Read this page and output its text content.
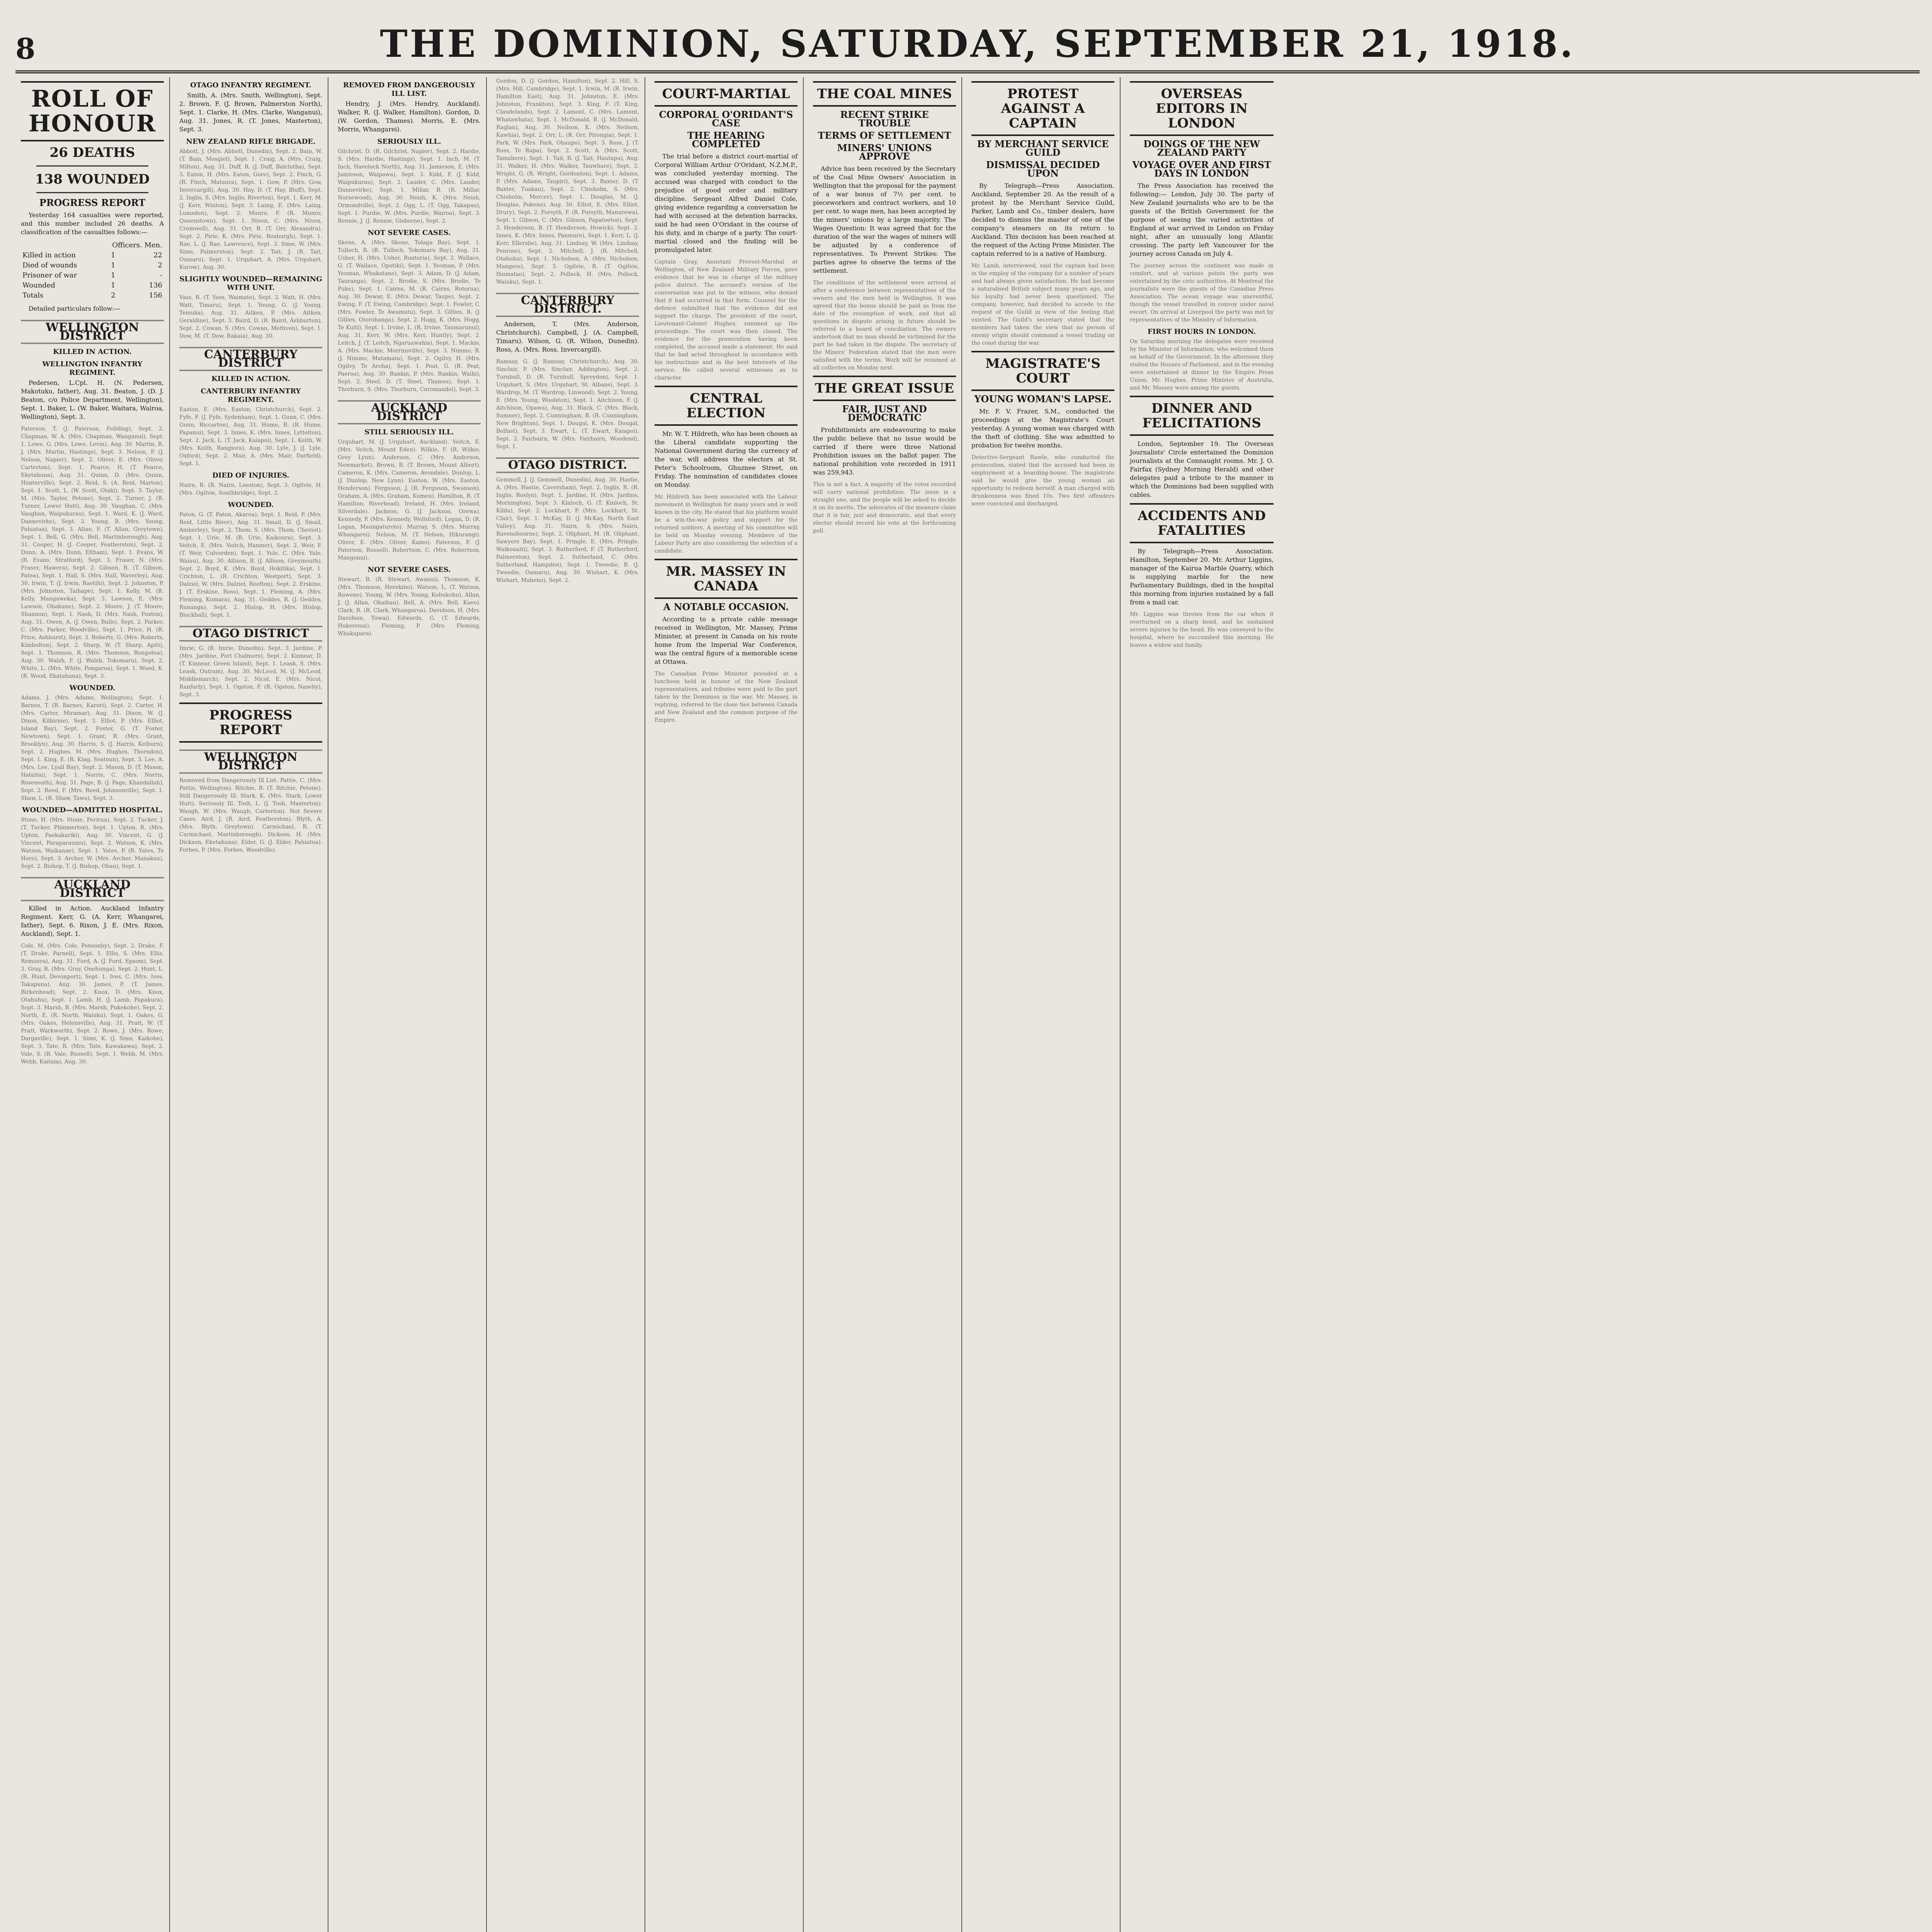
8	THE DOMINION, SATURDAY, SEPTEMBER 21, 1918.
ROLL OF HONOUR
26 DEATHS
138 WOUNDED
PROGRESS REPORT

Yesterday 164 casualties were reported, and this number included 26 deaths. A classification of the casualties follows:—

	Officers. Men.	
Killed in action	1	22
Died of wounds	1	2
Prisoner of war	1	-
Wounded	1	136
Totals	2	156

Detailed particulars follow:—

WELLINGTON DISTRICT
KILLED IN ACTION.
WELLINGTON INFANTRY REGIMENT.

Pedersen, L.Cpl. H. (N. Pedersen, Makotuku, father), Aug. 31. Beaton, J. (D. J. Beaton, c/o Police Department, Wellington), Sept. 1. Baker, L. (W. Baker, Waitara, Wairoa, Wellington), Sept. 3.

Paterson, T. (J. Paterson, Feilding), Sept. 2. Chapman, W. A. (Mrs. Chapman, Wanganui), Sept. 1. Lowe, G. (Mrs. Lowe, Levin), Aug. 30. Martin, R. J. (Mrs. Martin, Hastings), Sept. 3. Nelson, P. (J. Nelson, Napier), Sept. 2. Oliver, E. (Mrs. Oliver, Carterton), Sept. 1. Pearce, H. (T. Pearce, Eketahuna), Aug. 31. Quinn, D. (Mrs. Quinn, Hunterville), Sept. 2. Reid, S. (A. Reid, Marton), Sept. 1. Scott, L. (W. Scott, Otaki), Sept. 3. Taylor, M. (Mrs. Taylor, Petone), Sept. 2. Turner, J. (R. Turner, Lower Hutt), Aug. 30. Vaughan, C. (Mrs. Vaughan, Waipukurau), Sept. 1. Ward, K. (J. Ward, Dannevirke), Sept. 2. Young, B. (Mrs. Young, Pahiatua), Sept. 3. Allan, F. (T. Allan, Greytown), Sept. 1. Bell, G. (Mrs. Bell, Martinborough), Aug. 31. Cooper, H. (J. Cooper, Featherston), Sept. 2. Dunn, A. (Mrs. Dunn, Eltham), Sept. 1. Evans, W. (R. Evans, Stratford), Sept. 3. Fraser, N. (Mrs. Fraser, Hawera), Sept. 2. Gibson, R. (T. Gibson, Patea), Sept. 1. Hall, S. (Mrs. Hall, Waverley), Aug. 30. Irwin, T. (J. Irwin, Raetihi), Sept. 2. Johnston, P. (Mrs. Johnston, Taihape), Sept. 1. Kelly, M. (R. Kelly, Mangaweka), Sept. 3. Lawson, E. (Mrs. Lawson, Ohakune), Sept. 2. Moore, J. (T. Moore, Shannon), Sept. 1. Nash, D. (Mrs. Nash, Foxton), Aug. 31. Owen, A. (J. Owen, Bulls), Sept. 2. Parker, C. (Mrs. Parker, Woodville), Sept. 1. Price, H. (R. Price, Ashhurst), Sept. 3. Roberts, G. (Mrs. Roberts, Kimbolton), Sept. 2. Sharp, W. (T. Sharp, Apiti), Sept. 1. Thomson, R. (Mrs. Thomson, Rongotea), Aug. 30. Walsh, F. (J. Walsh, Tokomaru), Sept. 2. White, L. (Mrs. White, Pongaroa), Sept. 1. Wood, K. (R. Wood, Ekatahuna), Sept. 3.
WOUNDED.
Adams, J. (Mrs. Adams, Wellington), Sept. 1. Barnes, T. (R. Barnes, Karori), Sept. 2. Carter, H. (Mrs. Carter, Miramar), Aug. 31. Dixon, W. (J. Dixon, Kilbirnie), Sept. 3. Elliot, P. (Mrs. Elliot, Island Bay), Sept. 2. Foster, G. (T. Foster, Newtown), Sept. 1. Grant, R. (Mrs. Grant, Brooklyn), Aug. 30. Harris, S. (J. Harris, Kelburn), Sept. 2. Hughes, M. (Mrs. Hughes, Thorndon), Sept. 1. King, E. (R. King, Seatoun), Sept. 3. Lee, A. (Mrs. Lee, Lyall Bay), Sept. 2. Mason, D. (T. Mason, Hataitai), Sept. 1. Norris, C. (Mrs. Norris, Roseneath), Aug. 31. Page, B. (J. Page, Khandallah), Sept. 2. Reed, F. (Mrs. Reed, Johnsonville), Sept. 1. Shaw, L. (R. Shaw, Tawa), Sept. 3.
WOUNDED—ADMITTED HOSPITAL.
Stone, H. (Mrs. Stone, Porirua), Sept. 2. Tucker, J. (T. Tucker, Plimmerton), Sept. 1. Upton, R. (Mrs. Upton, Paekakariki), Aug. 30. Vincent, G. (J. Vincent, Paraparaumu), Sept. 2. Watson, K. (Mrs. Watson, Waikanae), Sept. 1. Yates, P. (R. Yates, Te Horo), Sept. 3. Archer, W. (Mrs. Archer, Manakau), Sept. 2. Bishop, T. (J. Bishop, Ohau), Sept. 1.
AUCKLAND DISTRICT

Killed in Action. Auckland Infantry Regiment. Kerr, G. (A. Kerr, Whangarei, father), Sept. 6. Rixon, J. E. (Mrs. Rixon, Auckland), Sept. 1.

Cole, M. (Mrs. Cole, Ponsonby), Sept. 2. Drake, F. (T. Drake, Parnell), Sept. 1. Ellis, S. (Mrs. Ellis, Remuera), Aug. 31. Ford, A. (J. Ford, Epsom), Sept. 3. Gray, R. (Mrs. Gray, Onehunga), Sept. 2. Hunt, L. (R. Hunt, Devonport), Sept. 1. Ives, C. (Mrs. Ives, Takapuna), Aug. 30. James, P. (T. James, Birkenhead), Sept. 2. Knox, D. (Mrs. Knox, Otahuhu), Sept. 1. Lamb, H. (J. Lamb, Papakura), Sept. 3. Marsh, B. (Mrs. Marsh, Pukekohe), Sept. 2. North, E. (R. North, Waiuku), Sept. 1. Oakes, G. (Mrs. Oakes, Helensville), Aug. 31. Pratt, W. (T. Pratt, Warkworth), Sept. 2. Rowe, J. (Mrs. Rowe, Dargaville), Sept. 1. Sims, K. (J. Sims, Kaikohe), Sept. 3. Tate, R. (Mrs. Tate, Kawakawa), Sept. 2. Vale, S. (R. Vale, Russell), Sept. 1. Webb, M. (Mrs. Webb, Kaitaia), Aug. 30.
OTAGO INFANTRY REGIMENT.

Smith, A. (Mrs. Smith, Wellington), Sept. 2. Brown, F. (J. Brown, Palmerston North), Sept. 1. Clarke, H. (Mrs. Clarke, Wanganui), Aug. 31. Jones, R. (T. Jones, Masterton), Sept. 3.

NEW ZEALAND RIFLE BRIGADE.
Abbott, J. (Mrs. Abbott, Dunedin), Sept. 2. Bain, W. (T. Bain, Mosgiel), Sept. 1. Craig, A. (Mrs. Craig, Milton), Aug. 31. Duff, R. (J. Duff, Balclutha), Sept. 3. Eaton, H. (Mrs. Eaton, Gore), Sept. 2. Finch, G. (R. Finch, Mataura), Sept. 1. Gow, P. (Mrs. Gow, Invercargill), Aug. 30. Hay, D. (T. Hay, Bluff), Sept. 2. Inglis, S. (Mrs. Inglis, Riverton), Sept. 1. Kerr, M. (J. Kerr, Winton), Sept. 3. Laing, E. (Mrs. Laing, Lumsden), Sept. 2. Munro, F. (R. Munro, Queenstown), Sept. 1. Niven, C. (Mrs. Niven, Cromwell), Aug. 31. Orr, B. (T. Orr, Alexandra), Sept. 2. Pirie, K. (Mrs. Pirie, Roxburgh), Sept. 1. Rae, L. (J. Rae, Lawrence), Sept. 3. Sime, W. (Mrs. Sime, Palmerston), Sept. 2. Tait, J. (R. Tait, Oamaru), Sept. 1. Urquhart, A. (Mrs. Urquhart, Kurow), Aug. 30.
SLIGHTLY WOUNDED—REMAINING WITH UNIT.
Vass, R. (T. Vass, Waimate), Sept. 2. Watt, H. (Mrs. Watt, Timaru), Sept. 1. Young, G. (J. Young, Temuka), Aug. 31. Aitken, P. (Mrs. Aitken, Geraldine), Sept. 3. Baird, D. (R. Baird, Ashburton), Sept. 2. Cowan, S. (Mrs. Cowan, Methven), Sept. 1. Dow, M. (T. Dow, Rakaia), Aug. 30.
CANTERBURY DISTRICT
KILLED IN ACTION.
CANTERBURY INFANTRY REGIMENT.
Easton, E. (Mrs. Easton, Christchurch), Sept. 2. Fyfe, F. (J. Fyfe, Sydenham), Sept. 1. Gunn, C. (Mrs. Gunn, Riccarton), Aug. 31. Hume, B. (R. Hume, Papanui), Sept. 3. Innes, K. (Mrs. Innes, Lyttelton), Sept. 2. Jack, L. (T. Jack, Kaiapoi), Sept. 1. Keith, W. (Mrs. Keith, Rangiora), Aug. 30. Lyle, J. (J. Lyle, Oxford), Sept. 2. Mair, A. (Mrs. Mair, Darfield), Sept. 1.
DIED OF INJURIES.
Nairn, R. (R. Nairn, Leeston), Sept. 3. Ogilvie, H. (Mrs. Ogilvie, Southbridge), Sept. 2.
WOUNDED.
Paton, G. (T. Paton, Akaroa), Sept. 1. Reid, P. (Mrs. Reid, Little River), Aug. 31. Smail, D. (J. Smail, Amberley), Sept. 2. Thom, S. (Mrs. Thom, Cheviot), Sept. 1. Urie, M. (R. Urie, Kaikoura), Sept. 3. Veitch, E. (Mrs. Veitch, Hanmer), Sept. 2. Weir, F. (T. Weir, Culverden), Sept. 1. Yule, C. (Mrs. Yule, Waiau), Aug. 30. Allison, B. (J. Allison, Greymouth), Sept. 2. Boyd, K. (Mrs. Boyd, Hokitika), Sept. 1. Crichton, L. (R. Crichton, Westport), Sept. 3. Dalziel, W. (Mrs. Dalziel, Reefton), Sept. 2. Erskine, J. (T. Erskine, Ross), Sept. 1. Fleming, A. (Mrs. Fleming, Kumara), Aug. 31. Geddes, R. (J. Geddes, Runanga), Sept. 2. Hislop, H. (Mrs. Hislop, Blackball), Sept. 1.
OTAGO DISTRICT
Imrie, G. (R. Imrie, Dunedin), Sept. 3. Jardine, P. (Mrs. Jardine, Port Chalmers), Sept. 2. Kinnear, D. (T. Kinnear, Green Island), Sept. 1. Leask, S. (Mrs. Leask, Outram), Aug. 30. McLeod, M. (J. McLeod, Middlemarch), Sept. 2. Nicol, E. (Mrs. Nicol, Ranfurly), Sept. 1. Ogston, F. (R. Ogston, Naseby), Sept. 3.
PROGRESS REPORT
WELLINGTON DISTRICT
Removed from Dangerously Ill List. Pattie, C. (Mrs. Pattie, Wellington). Ritchie, B. (T. Ritchie, Petone). Still Dangerously Ill. Stark, K. (Mrs. Stark, Lower Hutt). Seriously Ill. Tosh, L. (J. Tosh, Masterton). Waugh, W. (Mrs. Waugh, Carterton). Not Severe Cases. Aird, J. (R. Aird, Featherston). Blyth, A. (Mrs. Blyth, Greytown). Carmichael, R. (T. Carmichael, Martinborough). Dickson, H. (Mrs. Dickson, Eketahuna). Elder, G. (J. Elder, Pahiatua). Forbes, P. (Mrs. Forbes, Woodville).
REMOVED FROM DANGEROUSLY ILL LIST.

Hendry, J. (Mrs. Hendry, Auckland). Walker, R. (J. Walker, Hamilton). Gordon, D. (W. Gordon, Thames). Morris, E. (Mrs. Morris, Whangarei).

SERIOUSLY ILL.
Gilchrist, D. (R. Gilchrist, Napier), Sept. 2. Hardie, S. (Mrs. Hardie, Hastings), Sept. 1. Inch, M. (T. Inch, Havelock North), Aug. 31. Jamieson, E. (Mrs. Jamieson, Waipawa), Sept. 3. Kidd, F. (J. Kidd, Waipukurau), Sept. 2. Lauder, C. (Mrs. Lauder, Dannevirke), Sept. 1. Millar, B. (R. Millar, Norsewood), Aug. 30. Neish, K. (Mrs. Neish, Ormondville), Sept. 2. Ogg, L. (T. Ogg, Takapau), Sept. 1. Purdie, W. (Mrs. Purdie, Wairoa), Sept. 3. Rennie, J. (J. Rennie, Gisborne), Sept. 2.
NOT SEVERE CASES.
Skene, A. (Mrs. Skene, Tolaga Bay), Sept. 1. Tulloch, R. (R. Tulloch, Tokomaru Bay), Aug. 31. Usher, H. (Mrs. Usher, Ruatoria), Sept. 2. Wallace, G. (T. Wallace, Opotiki), Sept. 1. Yeoman, P. (Mrs. Yeoman, Whakatane), Sept. 3. Adam, D. (J. Adam, Tauranga), Sept. 2. Brodie, S. (Mrs. Brodie, Te Puke), Sept. 1. Cairns, M. (R. Cairns, Rotorua), Aug. 30. Dewar, E. (Mrs. Dewar, Taupo), Sept. 2. Ewing, F. (T. Ewing, Cambridge), Sept. 1. Fowler, C. (Mrs. Fowler, Te Awamutu), Sept. 3. Gillies, B. (J. Gillies, Otorohanga), Sept. 2. Hogg, K. (Mrs. Hogg, Te Kuiti), Sept. 1. Irvine, L. (R. Irvine, Taumarunui), Aug. 31. Kerr, W. (Mrs. Kerr, Huntly), Sept. 2. Leitch, J. (T. Leitch, Ngaruawahia), Sept. 1. Mackie, A. (Mrs. Mackie, Morrinsville), Sept. 3. Nimmo, R. (J. Nimmo, Matamata), Sept. 2. Ogilvy, H. (Mrs. Ogilvy, Te Aroha), Sept. 1. Peat, G. (R. Peat, Paeroa), Aug. 30. Rankin, P. (Mrs. Rankin, Waihi), Sept. 2. Steel, D. (T. Steel, Thames), Sept. 1. Thorburn, S. (Mrs. Thorburn, Coromandel), Sept. 3.
AUCKLAND DISTRICT
STILL SERIOUSLY ILL.
Urquhart, M. (J. Urquhart, Auckland). Veitch, E. (Mrs. Veitch, Mount Eden). Wilkie, F. (R. Wilkie, Grey Lynn). Anderson, C. (Mrs. Anderson, Newmarket). Brown, B. (T. Brown, Mount Albert). Cameron, K. (Mrs. Cameron, Avondale). Dunlop, L. (J. Dunlop, New Lynn). Easton, W. (Mrs. Easton, Henderson). Ferguson, J. (R. Ferguson, Swanson). Graham, A. (Mrs. Graham, Kumeu). Hamilton, R. (T. Hamilton, Riverhead). Ireland, H. (Mrs. Ireland, Silverdale). Jackson, G. (J. Jackson, Orewa). Kennedy, P. (Mrs. Kennedy, Wellsford). Logan, D. (R. Logan, Maungaturoto). Murray, S. (Mrs. Murray, Whangarei). Nelson, M. (T. Nelson, Hikurangi). Oliver, E. (Mrs. Oliver, Kamo). Paterson, F. (J. Paterson, Russell). Robertson, C. (Mrs. Robertson, Mangonui).
NOT SEVERE CASES.
Stewart, B. (R. Stewart, Awanui). Thomson, K. (Mrs. Thomson, Herekino). Watson, L. (T. Watson, Rawene). Young, W. (Mrs. Young, Kohukohu). Allan, J. (J. Allan, Okaihau). Bell, A. (Mrs. Bell, Kaeo). Clark, R. (R. Clark, Whangaroa). Davidson, H. (Mrs. Davidson, Towai). Edwards, G. (T. Edwards, Hukerenui). Fleming, P. (Mrs. Fleming, Whakapara).
Gordon, D. (J. Gordon, Hamilton), Sept. 2. Hill, S. (Mrs. Hill, Cambridge), Sept. 1. Irwin, M. (R. Irwin, Hamilton East), Aug. 31. Johnston, E. (Mrs. Johnston, Frankton), Sept. 3. King, F. (T. King, Claudelands), Sept. 2. Lamont, C. (Mrs. Lamont, Whatawhata), Sept. 1. McDonald, B. (J. McDonald, Raglan), Aug. 30. Neilson, K. (Mrs. Neilson, Kawhia), Sept. 2. Orr, L. (R. Orr, Pirongia), Sept. 1. Park, W. (Mrs. Park, Ohaupo), Sept. 3. Ross, J. (T. Ross, Te Rapa), Sept. 2. Scott, A. (Mrs. Scott, Tamahere), Sept. 1. Tait, R. (J. Tait, Hautapu), Aug. 31. Walker, H. (Mrs. Walker, Tauwhare), Sept. 2. Wright, G. (R. Wright, Gordonton), Sept. 1. Adams, P. (Mrs. Adams, Taupiri), Sept. 3. Baxter, D. (T. Baxter, Tuakau), Sept. 2. Chisholm, S. (Mrs. Chisholm, Mercer), Sept. 1. Douglas, M. (J. Douglas, Pokeno), Aug. 30. Elliot, E. (Mrs. Elliot, Drury), Sept. 2. Forsyth, F. (R. Forsyth, Manurewa), Sept. 1. Gibson, C. (Mrs. Gibson, Papatoetoe), Sept. 3. Henderson, B. (T. Henderson, Howick), Sept. 2. Innes, K. (Mrs. Innes, Panmure), Sept. 1. Kerr, L. (J. Kerr, Ellerslie), Aug. 31. Lindsay, W. (Mrs. Lindsay, Penrose), Sept. 2. Mitchell, J. (R. Mitchell, Otahuhu), Sept. 1. Nicholson, A. (Mrs. Nicholson, Mangere), Sept. 3. Ogilvie, R. (T. Ogilvie, Ihumatao), Sept. 2. Pollock, H. (Mrs. Pollock, Waiuku), Sept. 1.
CANTERBURY DISTRICT.

Anderson, T. (Mrs. Anderson, Christchurch). Campbell, J. (A. Campbell, Timaru). Wilson, G. (R. Wilson, Dunedin). Ross, A. (Mrs. Ross, Invercargill).

Ramsay, G. (J. Ramsay, Christchurch), Aug. 30. Sinclair, P. (Mrs. Sinclair, Addington), Sept. 2. Turnbull, D. (R. Turnbull, Spreydon), Sept. 1. Urquhart, S. (Mrs. Urquhart, St. Albans), Sept. 3. Wardrop, M. (T. Wardrop, Linwood), Sept. 2. Young, E. (Mrs. Young, Woolston), Sept. 1. Aitchison, F. (J. Aitchison, Opawa), Aug. 31. Black, C. (Mrs. Black, Sumner), Sept. 2. Cunningham, B. (R. Cunningham, New Brighton), Sept. 1. Dougal, K. (Mrs. Dougal, Belfast), Sept. 3. Ewart, L. (T. Ewart, Kaiapoi), Sept. 2. Fairbairn, W. (Mrs. Fairbairn, Woodend), Sept. 1.
OTAGO DISTRICT.
Gemmell, J. (J. Gemmell, Dunedin), Aug. 30. Hastie, A. (Mrs. Hastie, Caversham), Sept. 2. Inglis, R. (R. Inglis, Roslyn), Sept. 1. Jardine, H. (Mrs. Jardine, Mornington), Sept. 3. Kinloch, G. (T. Kinloch, St. Kilda), Sept. 2. Lockhart, P. (Mrs. Lockhart, St. Clair), Sept. 1. McKay, D. (J. McKay, North East Valley), Aug. 31. Nairn, S. (Mrs. Nairn, Ravensbourne), Sept. 2. Oliphant, M. (R. Oliphant, Sawyers Bay), Sept. 1. Pringle, E. (Mrs. Pringle, Waikouaiti), Sept. 3. Rutherford, F. (T. Rutherford, Palmerston), Sept. 2. Sutherland, C. (Mrs. Sutherland, Hampden), Sept. 1. Tweedie, B. (J. Tweedie, Oamaru), Aug. 30. Wishart, K. (Mrs. Wishart, Maheno), Sept. 2.
COURT-MARTIAL
CORPORAL O'ORIDANT'S CASE
THE HEARING COMPLETED

The trial before a district court-martial of Corporal William Arthur O'Oridant, N.Z.M.P., was concluded yesterday morning. The accused was charged with conduct to the prejudice of good order and military discipline. Sergeant Alfred Daniel Cole, giving evidence regarding a conversation he had with accused at the detention barracks, said he had seen O'Oridant in the course of his duty, and in charge of a party. The court-martial closed and the finding will be promulgated later.

Captain Gray, Assistant Provost-Marshal at Wellington, of New Zealand Military Forces, gave evidence that he was in charge of the military police district. The accused's version of the conversation was put to the witness, who denied that it had occurred in that form. Counsel for the defence submitted that the evidence did not support the charge. The president of the court, Lieutenant-Colonel Hughes, summed up the proceedings. The court was then closed. The evidence for the prosecution having been completed, the accused made a statement. He said that he had acted throughout in accordance with his instructions and in the best interests of the service. He called several witnesses as to character.
CENTRAL ELECTION

Mr. W. T. Hildreth, who has been chosen as the Liberal candidate supporting the National Government during the currency of the war, will address the electors at St. Peter's Schoolroom, Ghuznee Street, on Friday. The nomination of candidates closes on Monday.

Mr. Hildreth has been associated with the Labour movement in Wellington for many years and is well known in the city. He stated that his platform would be a win-the-war policy and support for the returned soldiers. A meeting of his committee will be held on Monday evening. Members of the Labour Party are also considering the selection of a candidate.
MR. MASSEY IN CANADA
A NOTABLE OCCASION.

According to a private cable message received in Wellington, Mr. Massey, Prime Minister, at present in Canada on his route home from the Imperial War Conference, was the central figure of a memorable scene at Ottawa.

The Canadian Prime Minister presided at a luncheon held in honour of the New Zealand representatives, and tributes were paid to the part taken by the Dominion in the war. Mr. Massey, in replying, referred to the close ties between Canada and New Zealand and the common purpose of the Empire.
THE COAL MINES
RECENT STRIKE TROUBLE
TERMS OF SETTLEMENT
MINERS' UNIONS APPROVE

Advice has been received by the Secretary of the Coal Mine Owners' Association in Wellington that the proposal for the payment of a war bonus of 7½ per cent. to pieceworkers and contract workers, and 10 per cent. to wage men, has been accepted by the miners' unions by a large majority. The Wages Question: It was agreed that for the duration of the war the wages of miners will be adjusted by a conference of representatives. To Prevent Strikes: The parties agree to observe the terms of the settlement.

The conditions of the settlement were arrived at after a conference between representatives of the owners and the men held in Wellington. It was agreed that the bonus should be paid as from the date of the resumption of work, and that all questions in dispute arising in future should be referred to a board of conciliation. The owners undertook that no man should be victimised for the part he had taken in the dispute. The secretary of the Miners' Federation stated that the men were satisfied with the terms. Work will be resumed at all collieries on Monday next.
THE GREAT ISSUE
FAIR, JUST AND DEMOCRATIC

Prohibitionists are endeavouring to make the public believe that no issue would be carried if there were three National Prohibition issues on the ballot paper. The national prohibition vote recorded in 1911 was 259,943.

This is not a fact. A majority of the votes recorded will carry national prohibition. The issue is a straight one, and the people will be asked to decide it on its merits. The advocates of the measure claim that it is fair, just and democratic, and that every elector should record his vote at the forthcoming poll.
PROTEST AGAINST A CAPTAIN
BY MERCHANT SERVICE GUILD
DISMISSAL DECIDED UPON

By Telegraph—Press Association. Auckland, September 20. As the result of a protest by the Merchant Service Guild, Parker, Lamb and Co., timber dealers, have decided to dismiss the master of one of the company's steamers on its return to Auckland. This decision has been reached at the request of the Acting Prime Minister. The captain referred to is a native of Hamburg.

Mr. Lamb, interviewed, said the captain had been in the employ of the company for a number of years and had always given satisfaction. He had become a naturalised British subject many years ago, and his loyalty had never been questioned. The company, however, had decided to accede to the request of the Guild in view of the feeling that existed. The Guild's secretary stated that the members had taken the view that no person of enemy origin should command a vessel trading on the coast during the war.
MAGISTRATE'S COURT
YOUNG WOMAN'S LAPSE.

Mr. F. V. Frazer, S.M., conducted the proceedings at the Magistrate's Court yesterday. A young woman was charged with the theft of clothing. She was admitted to probation for twelve months.

Detective-Sergeant Rawle, who conducted the prosecution, stated that the accused had been in employment at a boarding-house. The magistrate said he would give the young woman an opportunity to redeem herself. A man charged with drunkenness was fined 10s. Two first offenders were convicted and discharged.
OVERSEAS EDITORS IN LONDON
DOINGS OF THE NEW ZEALAND PARTY
VOYAGE OVER AND FIRST DAYS IN LONDON

The Press Association has received the following:— London, July 30. The party of New Zealand journalists who are to be the guests of the British Government for the purpose of seeing the varied activities of England at war arrived in London on Friday night, after an unusually long Atlantic crossing. The party left Vancouver for the journey across Canada on July 4.

The journey across the continent was made in comfort, and at various points the party was entertained by the civic authorities. At Montreal the journalists were the guests of the Canadian Press Association. The ocean voyage was uneventful, though the vessel travelled in convoy under naval escort. On arrival at Liverpool the party was met by representatives of the Ministry of Information.
FIRST HOURS IN LONDON.
On Saturday morning the delegates were received by the Minister of Information, who welcomed them on behalf of the Government. In the afternoon they visited the Houses of Parliament, and in the evening were entertained at dinner by the Empire Press Union. Mr. Hughes, Prime Minister of Australia, and Mr. Massey were among the guests.
DINNER AND FELICITATIONS

London, September 19. The Overseas Journalists' Circle entertained the Dominion journalists at the Connaught rooms. Mr. J. O. Fairfax (Sydney Morning Herald) and other delegates paid a tribute to the manner in which the Dominions had been supplied with cables.

ACCIDENTS AND FATALITIES

By Telegraph—Press Association. Hamilton, September 20. Mr. Arthur Liggins, manager of the Kairua Marble Quarry, which is supplying marble for the new Parliamentary Buildings, died in the hospital this morning from injuries sustained by a fall from a mail car.

Mr. Liggins was thrown from the car when it overturned on a sharp bend, and he sustained severe injuries to the head. He was conveyed to the hospital, where he succumbed this morning. He leaves a widow and family.
